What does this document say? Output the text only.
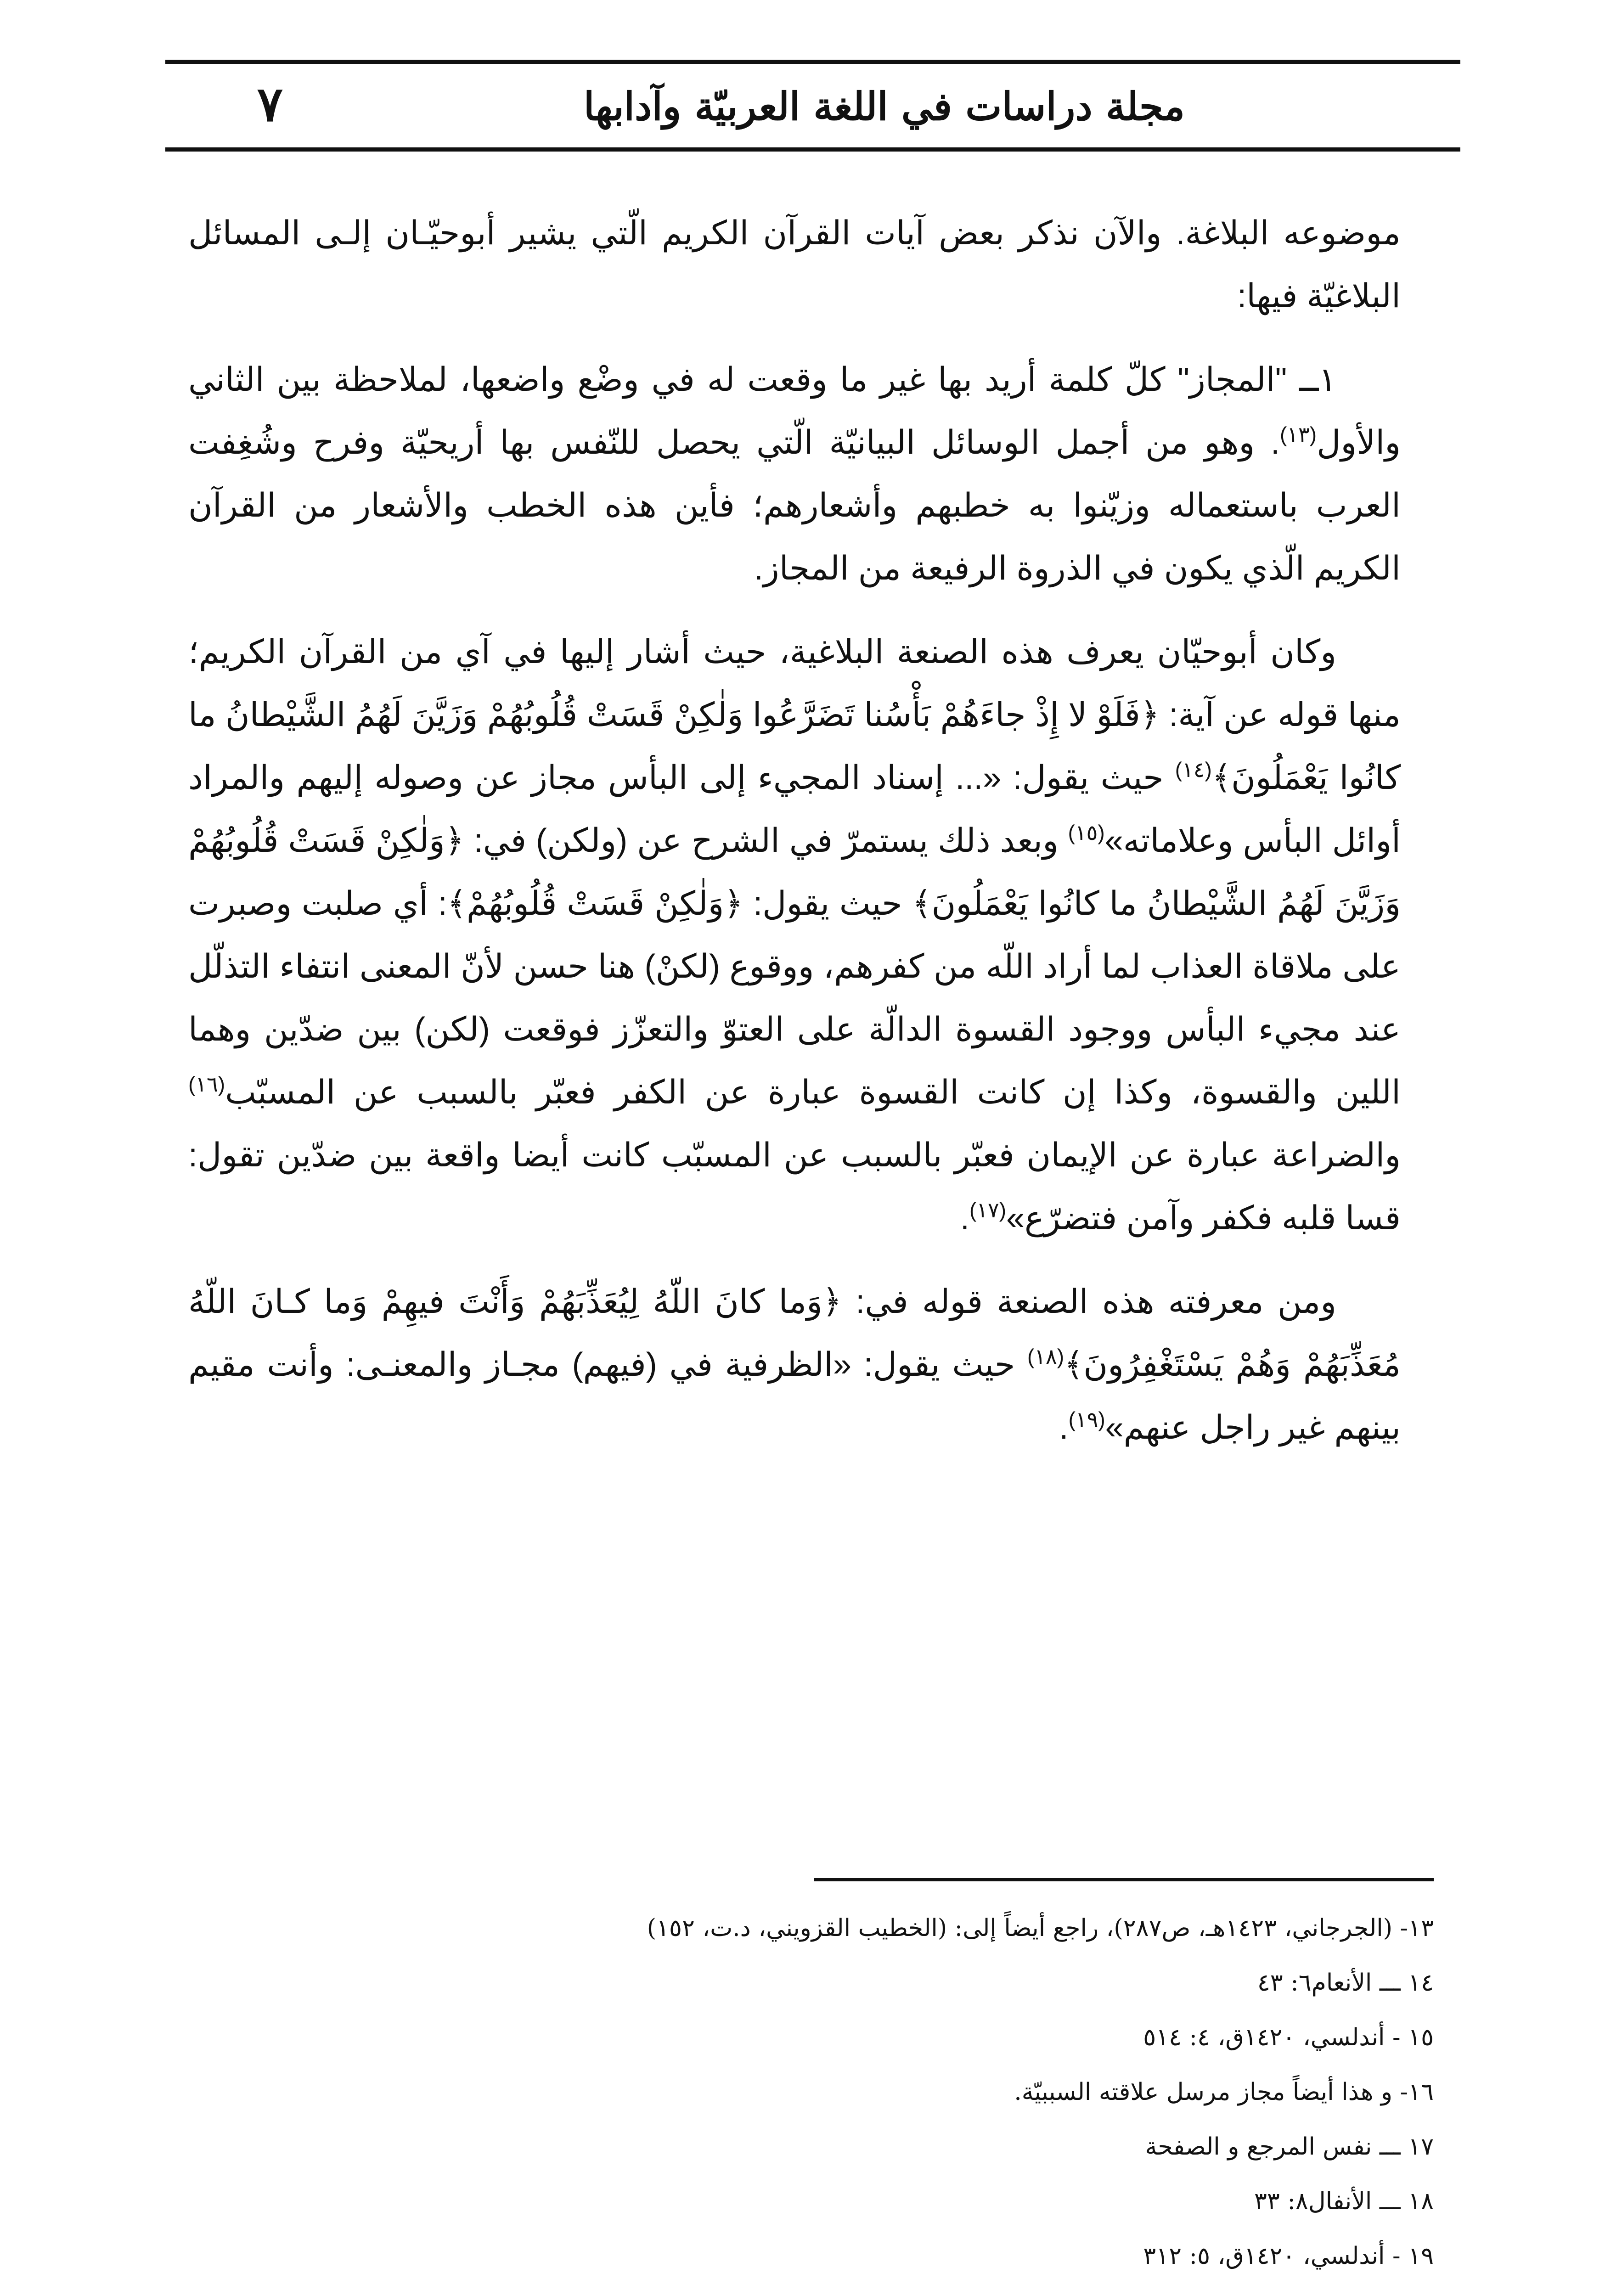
مجلة دراسات في اللغة العربيّة وآدابها
٧

موضوعه البلاغة. والآن نذكر بعض آيات القرآن الكريم الّتي يشير أبوحيّـان إلـى المسائل البلاغيّة فيها:

١ــ "المجاز" كلّ كلمة أريد بها غير ما وقعت له في وضْع واضعها، لملاحظة بين الثاني والأول$^{(١٣)}$. وهو من أجمل الوسائل البيانيّة الّتي يحصل للنّفس بها أريحيّة وفرح وشُغِفت العرب باستعماله وزيّنوا به خطبهم وأشعارهم؛ فأين هذه الخطب والأشعار من القرآن الكريم الّذي يكون في الذروة الرفيعة من المجاز.

وكان أبوحيّان يعرف هذه الصنعة البلاغية، حيث أشار إليها في آي من القرآن الكريم؛ منها قوله عن آية: ﴿فَلَوْ لا إِذْ جاءَهُمْ بَأْسُنا تَضَرَّعُوا وَلٰكِنْ قَسَتْ قُلُوبُهُمْ وَزَيَّنَ لَهُمُ الشَّيْطانُ ما كانُوا يَعْمَلُونَ﴾$^{(١٤)}$ حيث يقول: «... إسناد المجيء إلى البأس مجاز عن وصوله إليهم والمراد أوائل البأس وعلاماته»$^{(١٥)}$ وبعد ذلك يستمرّ في الشرح عن (ولكن) في: ﴿وَلٰكِنْ قَسَتْ قُلُوبُهُمْ وَزَيَّنَ لَهُمُ الشَّيْطانُ ما كانُوا يَعْمَلُونَ﴾ حيث يقول: ﴿وَلٰكِنْ قَسَتْ قُلُوبُهُمْ﴾: أي صلبت وصبرت على ملاقاة العذاب لما أراد اللّه من كفرهم، ووقوع (لكنْ) هنا حسن لأنّ المعنى انتفاء التذلّل عند مجيء البأس ووجود القسوة الدالّة على العتوّ والتعزّز فوقعت (لكن) بين ضدّين وهما اللين والقسوة، وكذا إن كانت القسوة عبارة عن الكفر فعبّر بالسبب عن المسبّب$^{(١٦)}$ والضراعة عبارة عن الإيمان فعبّر بالسبب عن المسبّب كانت أيضا واقعة بين ضدّين تقول: قسا قلبه فكفر وآمن فتضرّع»$^{(١٧)}$.

ومن معرفته هذه الصنعة قوله في: ﴿وَما كانَ اللّهُ لِيُعَذِّبَهُمْ وَأَنْتَ فيهِمْ وَما كـانَ اللّهُ مُعَذِّبَهُمْ وَهُمْ يَسْتَغْفِرُونَ﴾$^{(١٨)}$ حيث يقول: «الظرفية في (فيهم) مجـاز والمعنـى: وأنت مقيم بينهم غير راجل عنهم»$^{(١٩)}$.

١٣- (الجرجاني، ١٤٢٣هـ، ص٢٨٧)، راجع أيضاً إلى: (الخطيب القزويني، د.ت، ١٥٢)
١٤ ـــ الأنعام٦: ٤٣
١٥ - أندلسي، ١٤٢٠ق، ٤: ٥١٤
١٦- و هذا أيضاً مجاز مرسل علاقته السببيّة.
١٧ ـــ نفس المرجع و الصفحة
١٨ ـــ الأنفال٨: ٣٣
١٩ - أندلسي، ١٤٢٠ق، ٥: ٣١٢
